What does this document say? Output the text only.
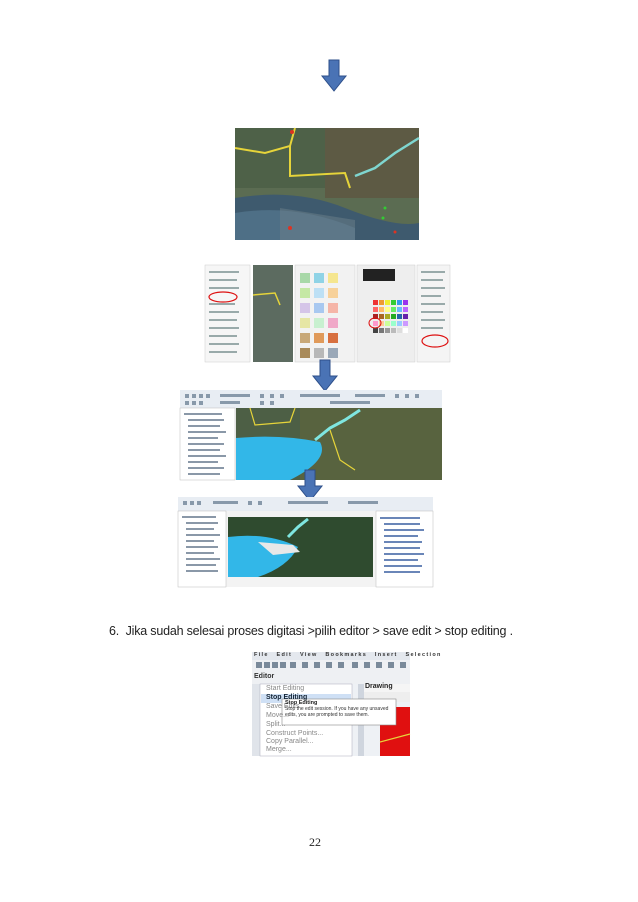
6. Jika sudah selesai proses digitasi >pilih editor > save edit > stop editing .
File Edit View Bookmarks Insert Selection
Editor
Drawing
Start Editing
Stop Editing
Save Edits
Move...
Split...
Construct Points...
Copy Parallel...
Merge...
Stop Editing
Stop the edit session. If you have any unsaved edits, you are prompted to save them.
22
